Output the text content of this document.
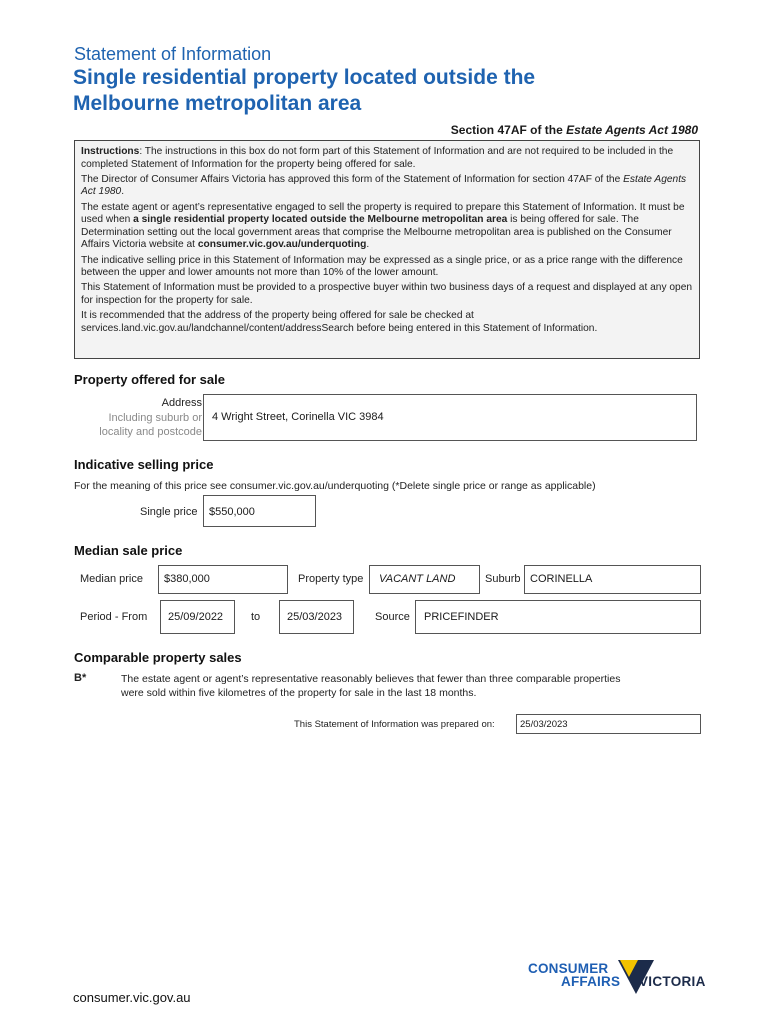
Statement of Information
Single residential property located outside the
Melbourne metropolitan area
Section 47AF of the Estate Agents Act 1980

Instructions: The instructions in this box do not form part of this Statement of Information and are not required to be included in the completed Statement of Information for the property being offered for sale.

The Director of Consumer Affairs Victoria has approved this form of the Statement of Information for section 47AF of the Estate Agents Act 1980.

The estate agent or agent’s representative engaged to sell the property is required to prepare this Statement of Information. It must be used when a single residential property located outside the Melbourne metropolitan area is being offered for sale. The Determination setting out the local government areas that comprise the Melbourne metropolitan area is published on the Consumer Affairs Victoria website at consumer.vic.gov.au/underquoting.

The indicative selling price in this Statement of Information may be expressed as a single price, or as a price range with the difference between the upper and lower amounts not more than 10% of the lower amount.

This Statement of Information must be provided to a prospective buyer within two business days of a request and displayed at any open for inspection for the property for sale.

It is recommended that the address of the property being offered for sale be checked at services.land.vic.gov.au/landchannel/content/addressSearch before being entered in this Statement of Information.

Property offered for sale
Address
Including suburb or
locality and postcode
4 Wright Street, Corinella VIC 3984
Indicative selling price
For the meaning of this price see consumer.vic.gov.au/underquoting (*Delete single price or range as applicable)
Single price	$550,000
Median sale price
Median price	$380,000	Property type	VACANT LAND	Suburb CORINELLA
Period - From	25/09/2022	to	25/03/2023	Source	PRICEFINDER
Comparable property sales
B*	The estate agent or agent’s representative reasonably believes that fewer than three comparable properties
were sold within five kilometres of the property for sale in the last 18 months.
This Statement of Information was prepared on:	25/03/2023
CONSUMER
AFFAIRS VICTORIA
consumer.vic.gov.au
